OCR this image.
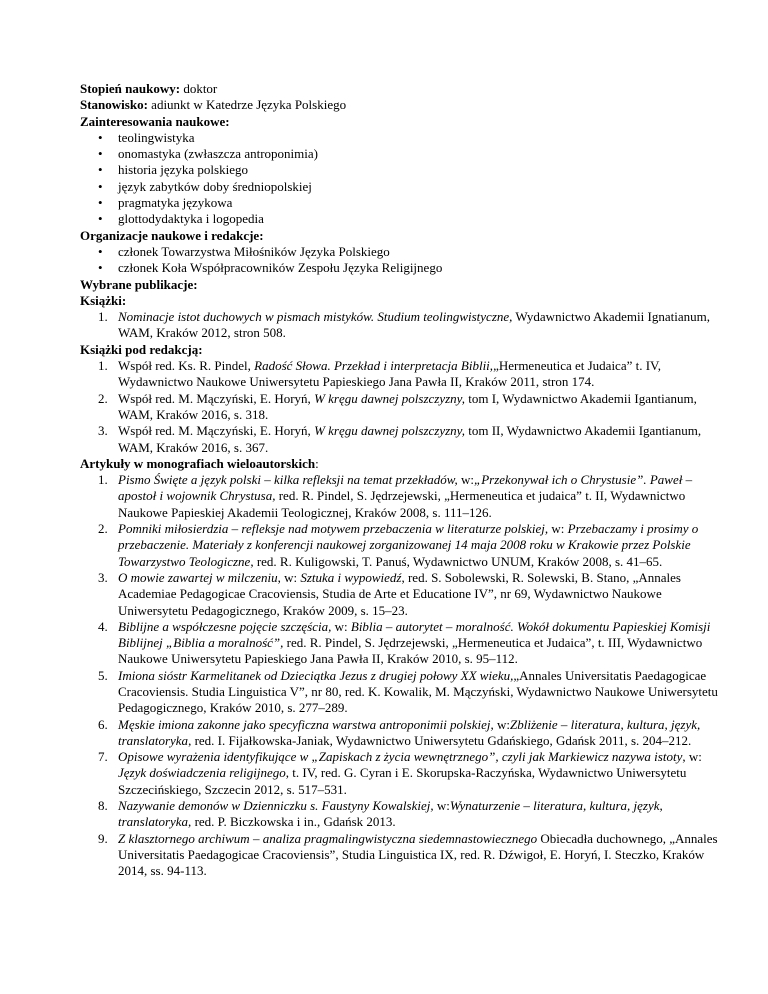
Stopień naukowy: doktor

Stanowisko: adiunkt w Katedrze Języka Polskiego

Zainteresowania naukowe:

• teolingwistyka
• onomastyka (zwłaszcza antroponimia)
• historia języka polskiego
• język zabytków doby średniopolskiej
• pragmatyka językowa
• glottodydaktyka i logopedia

Organizacje naukowe i redakcje:

• członek Towarzystwa Miłośników Języka Polskiego
• członek Koła Współpracowników Zespołu Języka Religijnego

Wybrane publikacje:

Książki:

1. Nominacje istot duchowych w pismach mistyków. Studium teolingwistyczne, Wydawnictwo Akademii Ignatianum, WAM, Kraków 2012, stron 508.

Książki pod redakcją:

1. Współ red. Ks. R. Pindel, Radość Słowa. Przekład i interpretacja Biblii,„Hermeneutica et Judaica” t. IV, Wydawnictwo Naukowe Uniwersytetu Papieskiego Jana Pawła II, Kraków 2011, stron 174.
2. Współ red. M. Mączyński, E. Horyń, W kręgu dawnej polszczyzny, tom I, Wydawnictwo Akademii Igantianum, WAM, Kraków 2016, s. 318.
3. Współ red. M. Mączyński, E. Horyń, W kręgu dawnej polszczyzny, tom II, Wydawnictwo Akademii Igantianum, WAM, Kraków 2016, s. 367.

Artykuły w monografiach wieloautorskich:

1. Pismo Święte a język polski – kilka refleksji na temat przekładów, w:„Przekonywał ich o Chrystusie”. Paweł – apostoł i wojownik Chrystusa, red. R. Pindel, S. Jędrzejewski, „Hermeneutica et judaica” t. II, Wydawnictwo Naukowe Papieskiej Akademii Teologicznej, Kraków 2008, s. 111–126.
2. Pomniki miłosierdzia – refleksje nad motywem przebaczenia w literaturze polskiej, w: Przebaczamy i prosimy o przebaczenie. Materiały z konferencji naukowej zorganizowanej 14 maja 2008 roku w Krakowie przez Polskie Towarzystwo Teologiczne, red. R. Kuligowski, T. Panuś, Wydawnictwo UNUM, Kraków 2008, s. 41–65.
3. O mowie zawartej w milczeniu, w: Sztuka i wypowiedź, red. S. Sobolewski, R. Solewski, B. Stano, „Annales Academiae Pedagogicae Cracoviensis, Studia de Arte et Educatione IV”, nr 69, Wydawnictwo Naukowe Uniwersytetu Pedagogicznego, Kraków 2009, s. 15–23.
4. Biblijne a współczesne pojęcie szczęścia, w: Biblia – autorytet – moralność. Wokół dokumentu Papieskiej Komisji Biblijnej „Biblia a moralność”, red. R. Pindel, S. Jędrzejewski, „Hermeneutica et Judaica”, t. III, Wydawnictwo Naukowe Uniwersytetu Papieskiego Jana Pawła II, Kraków 2010, s. 95–112.
5. Imiona sióstr Karmelitanek od Dzieciątka Jezus z drugiej połowy XX wieku,„Annales Universitatis Paedagogicae Cracoviensis. Studia Linguistica V”, nr 80, red. K. Kowalik, M. Mączyński, Wydawnictwo Naukowe Uniwersytetu Pedagogicznego, Kraków 2010, s. 277–289.
6. Męskie imiona zakonne jako specyficzna warstwa antroponimii polskiej, w:Zbliżenie – literatura, kultura, język, translatoryka, red. I. Fijałkowska-Janiak, Wydawnictwo Uniwersytetu Gdańskiego, Gdańsk 2011, s. 204–212.
7. Opisowe wyrażenia identyfikujące w „Zapiskach z życia wewnętrznego”, czyli jak Markiewicz nazywa istoty, w: Język doświadczenia religijnego, t. IV, red. G. Cyran i E. Skorupska-Raczyńska, Wydawnictwo Uniwersytetu Szczecińskiego, Szczecin 2012, s. 517–531.
8. Nazywanie demonów w Dzienniczku s. Faustyny Kowalskiej, w:Wynaturzenie – literatura, kultura, język, translatoryka, red. P. Biczkowska i in., Gdańsk 2013.
9. Z klasztornego archiwum – analiza pragmalingwistyczna siedemnastowiecznego Obiecadła duchownego, „Annales Universitatis Paedagogicae Cracoviensis”, Studia Linguistica IX, red. R. Dźwigoł, E. Horyń, I. Steczko, Kraków 2014, ss. 94-113.
